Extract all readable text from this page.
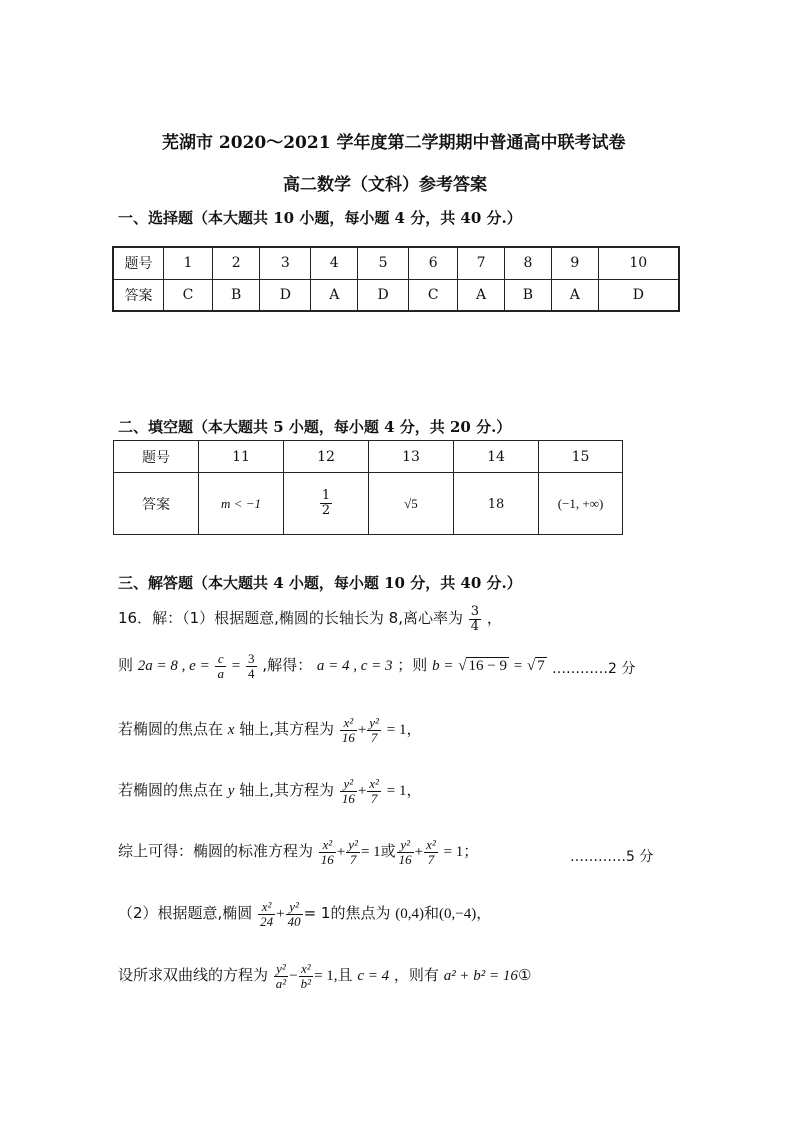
芜湖市 2020～2021 学年度第二学期期中普通高中联考试卷
高二数学（文科）参考答案
一、选择题（本大题共 10 小题，每小题 4 分，共 40 分.）
题号	1	2	3	4	5	6	7	8	9	10
答案	C	B	D	A	D	C	A	B	A	D
二、填空题（本大题共 5 小题，每小题 4 分，共 20 分.）
题号	11	12	13	14	15
答案	m < −1	$\frac{1}{2}$	√5	18	(−1, +∞)
三、解答题（本大题共 4 小题，每小题 10 分，共 40 分.）
16．解：（1）根据题意,椭圆的长轴长为 8,离心率为 $\frac{3}{4}$ ，
则 2a = 8 , $e = \frac{c}{a} = \frac{3}{4}$ ,解得： a = 4 , c = 3 ；则 b = √ 16 − 9 = √ 7 …………2 分
若椭圆的焦点在 x 轴上,其方程为 $\frac{\text{x²}}{16} + \frac{\text{y²}}{7} = 1$，
若椭圆的焦点在 y 轴上,其方程为 $\frac{\text{y²}}{16} + \frac{\text{x²}}{7} = 1$，
综上可得：椭圆的标准方程为 $\frac{\text{x²}}{16} + \frac{\text{y²}}{7} = 1$或 $\frac{\text{y²}}{16} + \frac{\text{x²}}{7} = 1$；	…………5 分
（2）根据题意,椭圆 $\frac{\text{x²}}{24} + \frac{\text{y²}}{40} = 1$的焦点为 (0,4)和(0,−4)，
设所求双曲线的方程为 $\frac{\text{y²}}{\text{a²}} - \frac{\text{x²}}{\text{b²}} = 1$,且 c = 4 ，则有 a² + b² = 16①
